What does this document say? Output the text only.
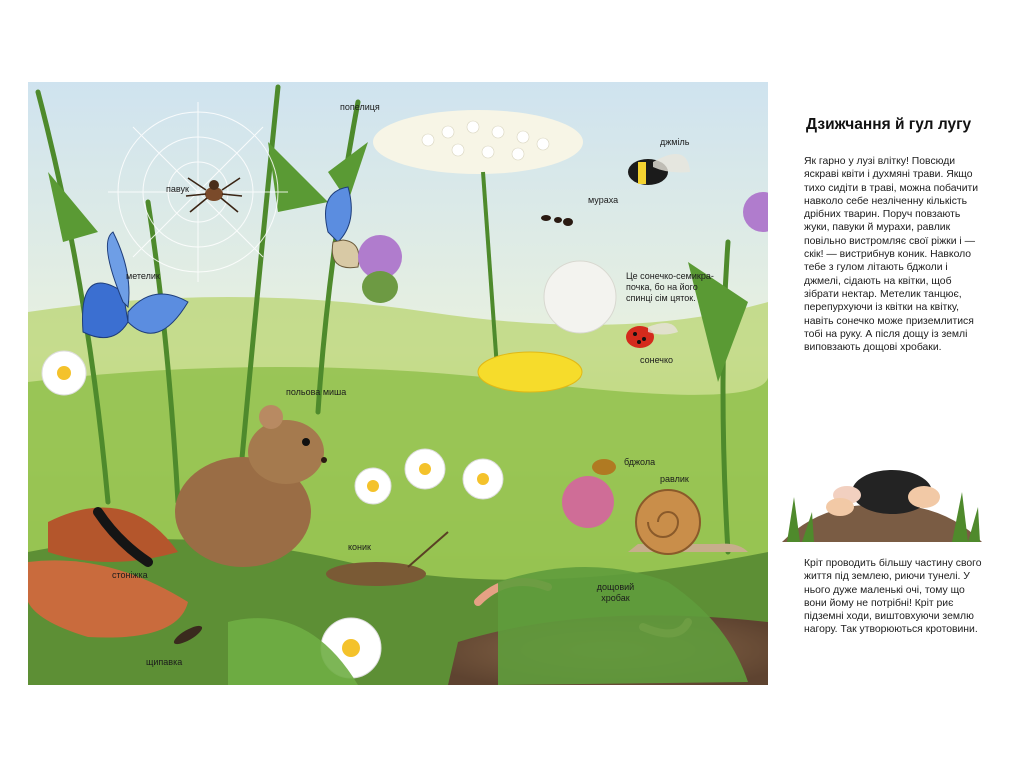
павук
попелиця
метелик
джміль
мураха
Це сонечко-семикра-почка, бо на його спинці сім цяток.
сонечко
польова миша
бджола
равлик
коник
стоніжка
дощовий хробак
щипавка
Дзижчання й гул лугу
Як гарно у лузі влітку! Повсюди яскраві квіти і духмяні трави. Якщо тихо сидіти в траві, можна побачити навколо себе незліченну кількість дрібних тварин. Поруч повзають жуки, павуки й мурахи, равлик повільно вистромляє свої ріжки і — скік! — вистрибнув коник. Навколо тебе з гулом літають бджоли і джмелі, сідають на квітки, щоб зібрати нектар. Метелик танцює, перепурхуючи із квітки на квітку, навіть сонечко може приземлитися тобі на руку. А після дощу із землі виповзають дощові хробаки.
Кріт проводить більшу частину свого життя під землею, риючи тунелі. У нього дуже маленькі очі, тому що вони йому не потрібні! Кріт риє підземні ходи, виштовхуючи землю нагору. Так утворюються кротовини.
